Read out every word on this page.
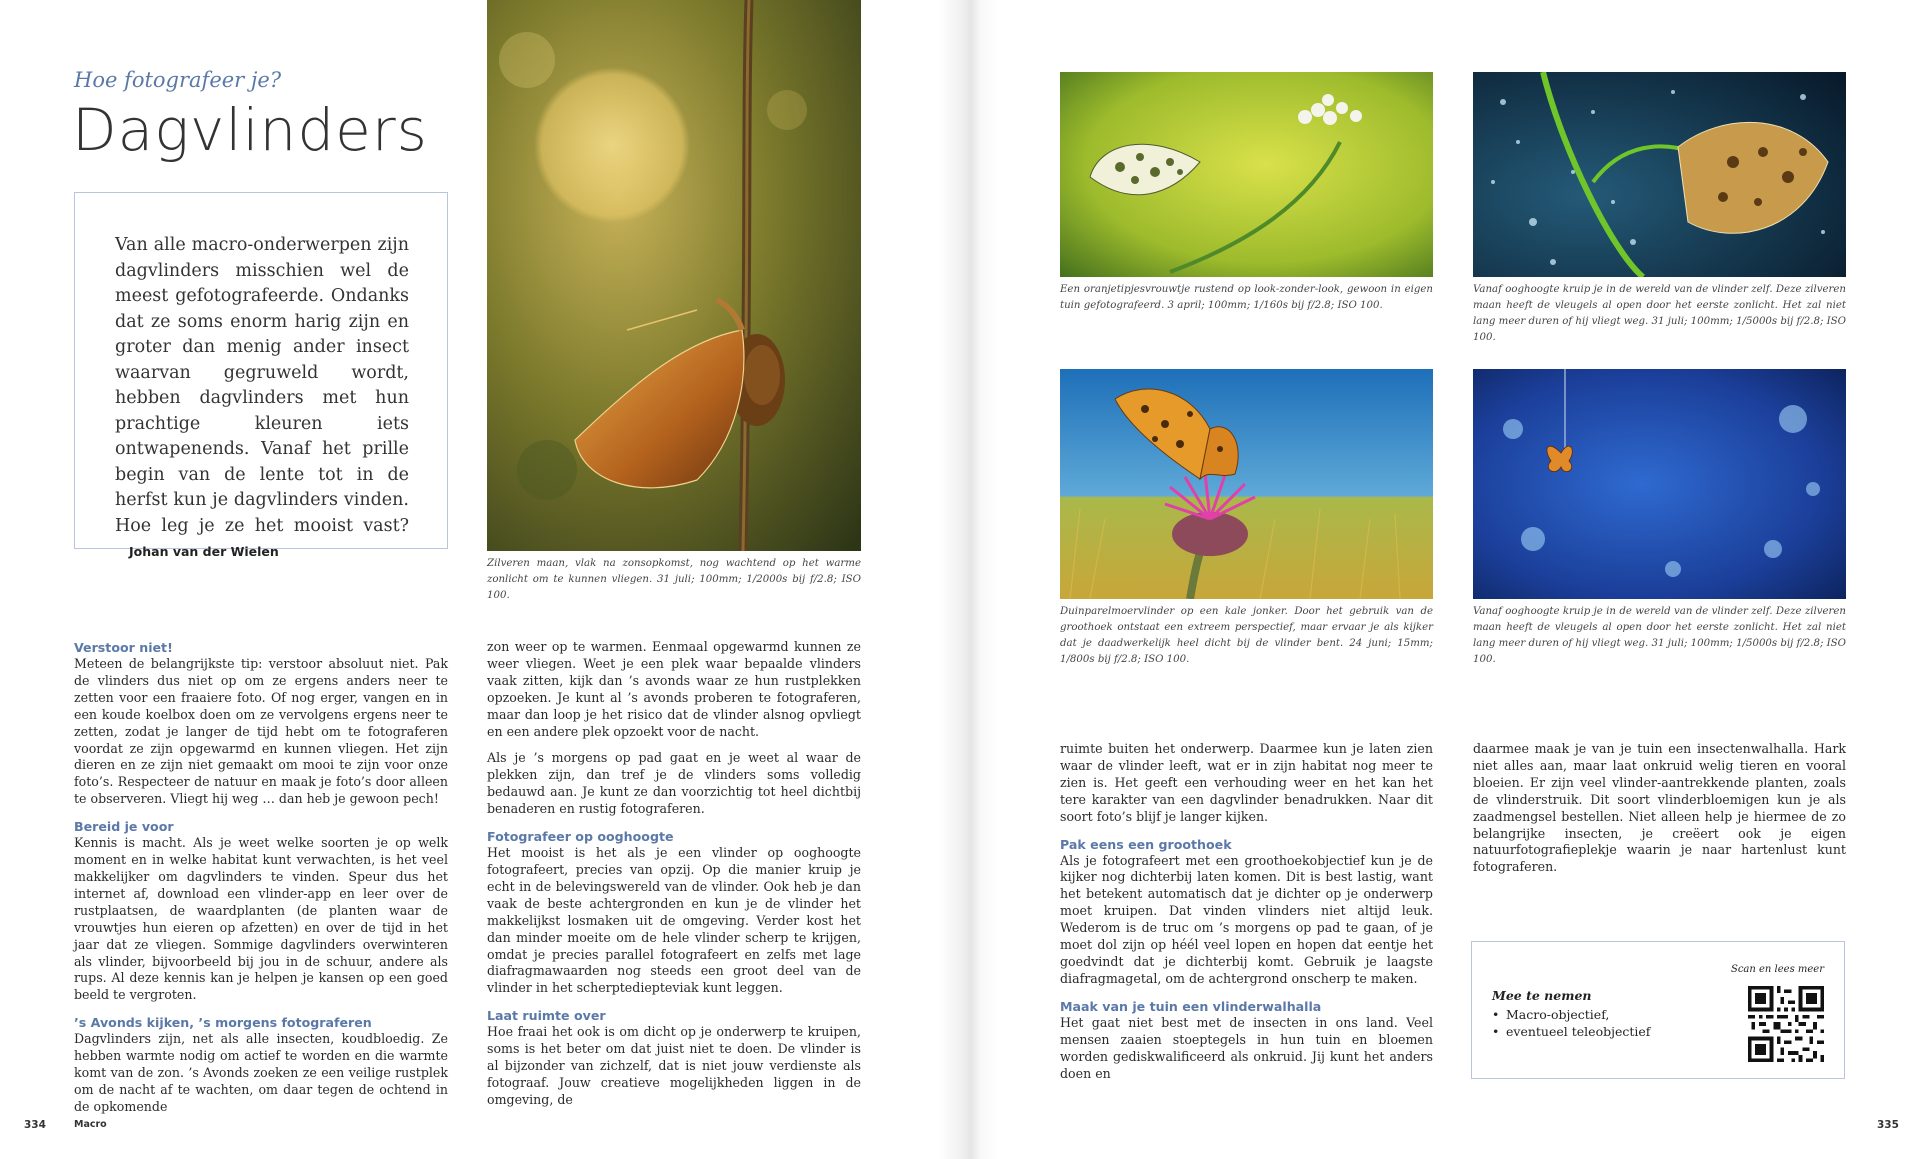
Hoe fotografeer je?
Dagvlinders

Van alle macro-onderwerpen zijn dagvlinders misschien wel de meest gefotografeerde. Ondanks dat ze soms enorm harig zijn en groter dan menig ander insect waarvan gegruweld wordt, hebben dagvlinders met hun prachtige kleuren iets ontwapenends. Vanaf het prille begin van de lente tot in de herfst kun je dagvlinders vinden. Hoe leg je ze het mooist vast?Johan van der Wielen

Zilveren maan, vlak na zonsopkomst, nog wachtend op het warme zonlicht om te kunnen vliegen. 31 juli; 100mm; 1/2000s bij f/2.8; ISO 100.
Verstoor niet!

Meteen de belangrijkste tip: verstoor absoluut niet. Pak de vlinders dus niet op om ze ergens anders neer te zetten voor een fraaiere foto. Of nog erger, vangen en in een koude koelbox doen om ze vervolgens ergens neer te zetten, zodat je langer de tijd hebt om te fotograferen voordat ze zijn opgewarmd en kunnen vliegen. Het zijn dieren en ze zijn niet gemaakt om mooi te zijn voor onze foto’s. Respecteer de natuur en maak je foto’s door alleen te observeren. Vliegt hij weg … dan heb je gewoon pech!

Bereid je voor

Kennis is macht. Als je weet welke soorten je op welk moment en in welke habitat kunt verwachten, is het veel makkelijker om dagvlinders te vinden. Speur dus het internet af, download een vlinder-app en leer over de rustplaatsen, de waardplanten (de planten waar de vrouwtjes hun eieren op afzetten) en over de tijd in het jaar dat ze vliegen. Sommige dagvlinders overwinteren als vlinder, bijvoorbeeld bij jou in de schuur, andere als rups. Al deze kennis kan je helpen je kansen op een goed beeld te vergroten.

’s Avonds kijken, ’s morgens fotograferen

Dagvlinders zijn, net als alle insecten, koudbloedig. Ze hebben warmte nodig om actief te worden en die warmte komt van de zon. ’s Avonds zoeken ze een veilige rustplek om de nacht af te wachten, om daar tegen de ochtend in de opkomende

zon weer op te warmen. Eenmaal opgewarmd kunnen ze weer vliegen. Weet je een plek waar bepaalde vlinders vaak zitten, kijk dan ’s avonds waar ze hun rustplekken opzoeken. Je kunt al ’s avonds proberen te fotograferen, maar dan loop je het risico dat de vlinder alsnog opvliegt en een andere plek opzoekt voor de nacht.

Als je ’s morgens op pad gaat en je weet al waar de plekken zijn, dan tref je de vlinders soms volledig bedauwd aan. Je kunt ze dan voorzichtig tot heel dichtbij benaderen en rustig fotograferen.

Fotografeer op ooghoogte

Het mooist is het als je een vlinder op ooghoogte fotografeert, precies van opzij. Op die manier kruip je echt in de belevingswereld van de vlinder. Ook heb je dan vaak de beste achtergronden en kun je de vlinder het makkelijkst losmaken uit de omgeving. Verder kost het dan minder moeite om de hele vlinder scherp te krijgen, omdat je precies parallel fotografeert en zelfs met lage diafragmawaarden nog steeds een groot deel van de vlinder in het scherptediepteviak kunt leggen.

Laat ruimte over

Hoe fraai het ook is om dicht op je onderwerp te kruipen, soms is het beter om dat juist niet te doen. De vlinder is al bijzonder van zichzelf, dat is niet jouw verdienste als fotograaf. Jouw creatieve mogelijkheden liggen in de omgeving, de

334	Macro
Een oranjetipjesvrouwtje rustend op look-zonder-look, gewoon in eigen tuin gefotografeerd. 3 april; 100mm; 1/160s bij f/2.8; ISO 100.
Vanaf ooghoogte kruip je in de wereld van de vlinder zelf. Deze zilveren maan heeft de vleugels al open door het eerste zonlicht. Het zal niet lang meer duren of hij vliegt weg. 31 juli; 100mm; 1/5000s bij f/2.8; ISO 100.
Duinparelmoervlinder op een kale jonker. Door het gebruik van de groothoek ontstaat een extreem perspectief, maar ervaar je als kijker dat je daadwerkelijk heel dicht bij de vlinder bent. 24 juni; 15mm; 1/800s bij f/2.8; ISO 100.
Vanaf ooghoogte kruip je in de wereld van de vlinder zelf. Deze zilveren maan heeft de vleugels al open door het eerste zonlicht. Het zal niet lang meer duren of hij vliegt weg. 31 juli; 100mm; 1/5000s bij f/2.8; ISO 100.

ruimte buiten het onderwerp. Daarmee kun je laten zien waar de vlinder leeft, wat er in zijn habitat nog meer te zien is. Het geeft een verhouding weer en het kan het tere karakter van een dagvlinder benadrukken. Naar dit soort foto’s blijf je langer kijken.

Pak eens een groothoek

Als je fotografeert met een groothoekobjectief kun je de kijker nog dichterbij laten komen. Dit is best lastig, want het betekent automatisch dat je dichter op je onderwerp moet kruipen. Dat vinden vlinders niet altijd leuk. Wederom is de truc om ’s morgens op pad te gaan, of je moet dol zijn op héél veel lopen en hopen dat eentje het goedvindt dat je dichterbij komt. Gebruik je laagste diafragmagetal, om de achtergrond onscherp te maken.

Maak van je tuin een vlinderwalhalla

Het gaat niet best met de insecten in ons land. Veel mensen zaaien stoeptegels in hun tuin en bloemen worden gediskwalificeerd als onkruid. Jij kunt het anders doen en

daarmee maak je van je tuin een insectenwalhalla. Hark niet alles aan, maar laat onkruid welig tieren en vooral bloeien. Er zijn veel vlinder-aantrekkende planten, zoals de vlinderstruik. Dit soort vlinderbloemigen kun je als zaadmengsel bestellen. Niet alleen help je hiermee de zo belangrijke insecten, je creëert ook je eigen natuurfotografieplekje waarin je naar hartenlust kunt fotograferen.

335
Scan en lees meer
Mee te nemen
• Macro-objectief,
• eventueel teleobjectief
